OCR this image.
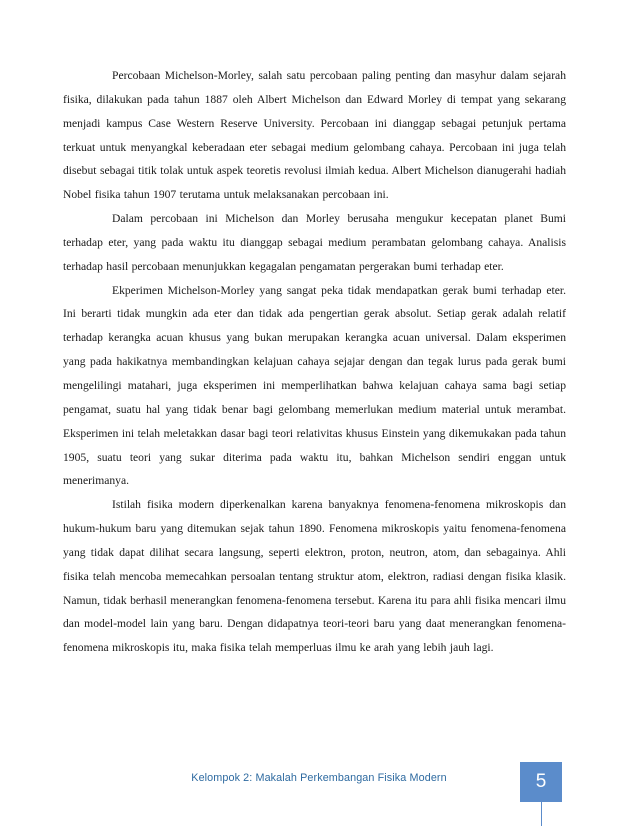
Percobaan Michelson-Morley, salah satu percobaan paling penting dan masyhur dalam sejarah fisika, dilakukan pada tahun 1887 oleh Albert Michelson dan Edward Morley di tempat yang sekarang menjadi kampus Case Western Reserve University. Percobaan ini dianggap sebagai petunjuk pertama terkuat untuk menyangkal keberadaan eter sebagai medium gelombang cahaya. Percobaan ini juga telah disebut sebagai titik tolak untuk aspek teoretis revolusi ilmiah kedua. Albert Michelson dianugerahi hadiah Nobel fisika tahun 1907 terutama untuk melaksanakan percobaan ini.

Dalam percobaan ini Michelson dan Morley berusaha mengukur kecepatan planet Bumi terhadap eter, yang pada waktu itu dianggap sebagai medium perambatan gelombang cahaya. Analisis terhadap hasil percobaan menunjukkan kegagalan pengamatan pergerakan bumi terhadap eter.

Ekperimen Michelson-Morley yang sangat peka tidak mendapatkan gerak bumi terhadap eter. Ini berarti tidak mungkin ada eter dan tidak ada pengertian gerak absolut. Setiap gerak adalah relatif terhadap kerangka acuan khusus yang bukan merupakan kerangka acuan universal. Dalam eksperimen yang pada hakikatnya membandingkan kelajuan cahaya sejajar dengan dan tegak lurus pada gerak bumi mengelilingi matahari, juga eksperimen ini memperlihatkan bahwa kelajuan cahaya sama bagi setiap pengamat, suatu hal yang tidak benar bagi gelombang memerlukan medium material untuk merambat. Eksperimen ini telah meletakkan dasar bagi teori relativitas khusus Einstein yang dikemukakan pada tahun 1905, suatu teori yang sukar diterima pada waktu itu, bahkan Michelson sendiri enggan untuk menerimanya.

Istilah fisika modern diperkenalkan karena banyaknya fenomena-fenomena mikroskopis dan hukum-hukum baru yang ditemukan sejak tahun 1890. Fenomena mikroskopis yaitu fenomena-fenomena yang tidak dapat dilihat secara langsung, seperti elektron, proton, neutron, atom, dan sebagainya. Ahli fisika telah mencoba memecahkan persoalan tentang struktur atom, elektron, radiasi dengan fisika klasik. Namun, tidak berhasil menerangkan fenomena-fenomena tersebut. Karena itu para ahli fisika mencari ilmu dan model-model lain yang baru. Dengan didapatnya teori-teori baru yang daat menerangkan fenomena-fenomena mikroskopis itu, maka fisika telah memperluas ilmu ke arah yang lebih jauh lagi.

Kelompok 2: Makalah Perkembangan Fisika Modern	5
